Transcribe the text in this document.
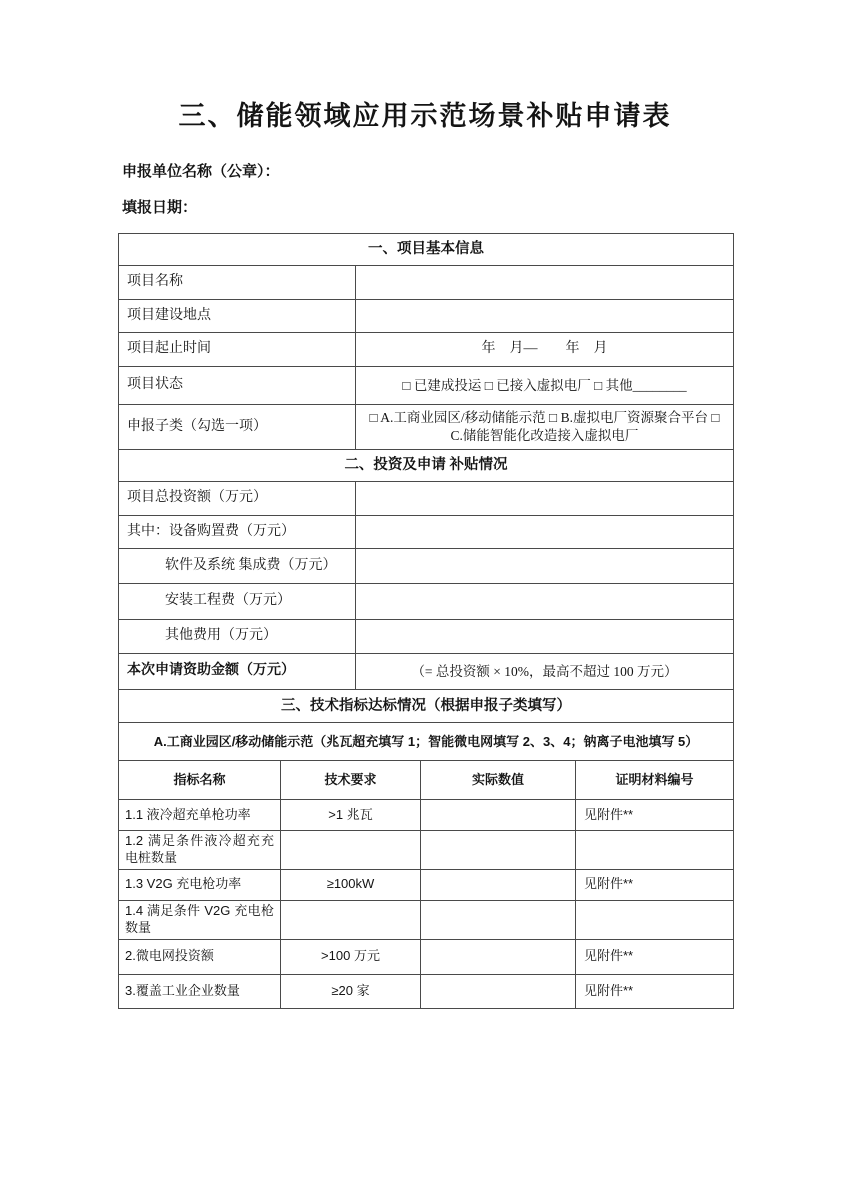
三、储能领域应用示范场景补贴申请表

申报单位名称（公章）：

填报日期：

一、项目基本信息	
项目名称	
项目建设地点	
项目起止时间	年　月—　　年　月
项目状态	□ 已建成投运 □ 已接入虚拟电厂 □ 其他________
申报子类（勾选一项）	□ A.工商业园区/移动储能示范 □ B.虚拟电厂资源聚合平台 □ C.储能智能化改造接入虚拟电厂
二、投资及申请 补贴情况	
项目总投资额（万元）	
其中：设备购置费（万元）	
软件及系统 集成费（万元）	
安装工程费（万元）	
其他费用（万元）	
本次申请资助金额（万元）	（= 总投资额 × 10%，最高不超过 100 万元）
三、技术指标达标情况（根据申报子类填写）			
A.工商业园区/移动储能示范（兆瓦超充填写 1；智能微电网填写 2、3、4；钠离子电池填写 5）			
指标名称	技术要求	实际数值	证明材料编号
1.1 液冷超充单枪功率	>1 兆瓦		见附件**
1.2 满足条件液冷超充充电桩数量			
1.3 V2G 充电枪功率	≥100kW		见附件**
1.4 满足条件 V2G 充电枪数量			
2.微电网投资额	>100 万元		见附件**
3.覆盖工业企业数量	≥20 家		见附件**
